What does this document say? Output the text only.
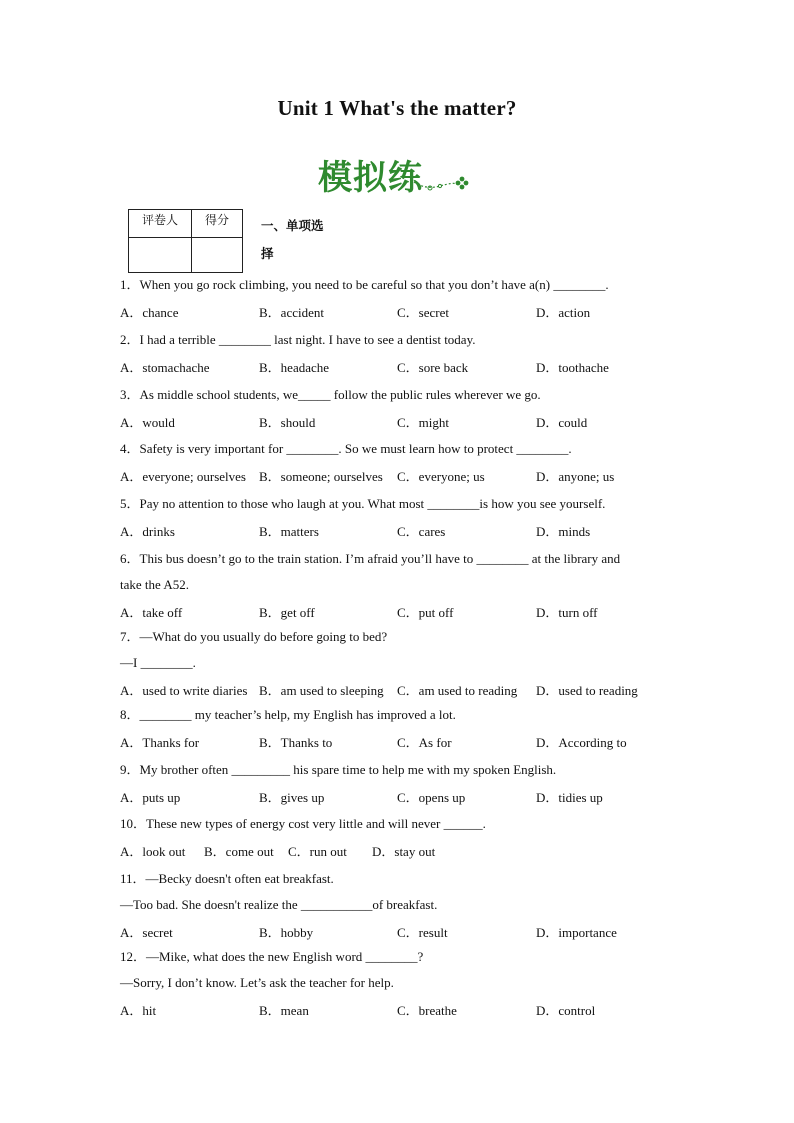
Unit 1 What's the matter?
模拟练
评卷人	得分
		一、单项选
择
1．When you go rock climbing, you need to be careful so that you don’t have a(n) ________.
A．chance	B．accident	C．secret	D．action
2．I had a terrible ________ last night. I have to see a dentist today.
A．stomachache	B．headache	C．sore back	D．toothache
3．As middle school students, we_____ follow the public rules wherever we go.
A．would	B．should	C．might	D．could
4．Safety is very important for ________. So we must learn how to protect ________.
A．everyone; ourselves B．someone; ourselves C．everyone; us	D．anyone; us
5．Pay no attention to those who laugh at you. What most ________is how you see yourself.
A．drinks	B．matters	C．cares	D．minds
6．This bus doesn’t go to the train station. I’m afraid you’ll have to ________ at the library and
take the A52.
A．take off	B．get off	C．put off	D．turn off
7．—What do you usually do before going to bed?
—I ________.
A．used to write diaries B．am used to sleeping C．am used to reading D．used to reading
8．________ my teacher’s help, my English has improved a lot.
A．Thanks for	B．Thanks to	C．As for	D．According to
9．My brother often _________ his spare time to help me with my spoken English.
A．puts up	B．gives up	C．opens up	D．tidies up
10．These new types of energy cost very little and will never ______.
A．look out B．come out C．run out D．stay out
11．—Becky doesn't often eat breakfast.
—Too bad. She doesn't realize the ___________of breakfast.
A．secret	B．hobby	C．result	D．importance
12．—Mike, what does the new English word ________?
—Sorry, I don’t know. Let’s ask the teacher for help.
A．hit	B．mean	C．breathe	D．control
